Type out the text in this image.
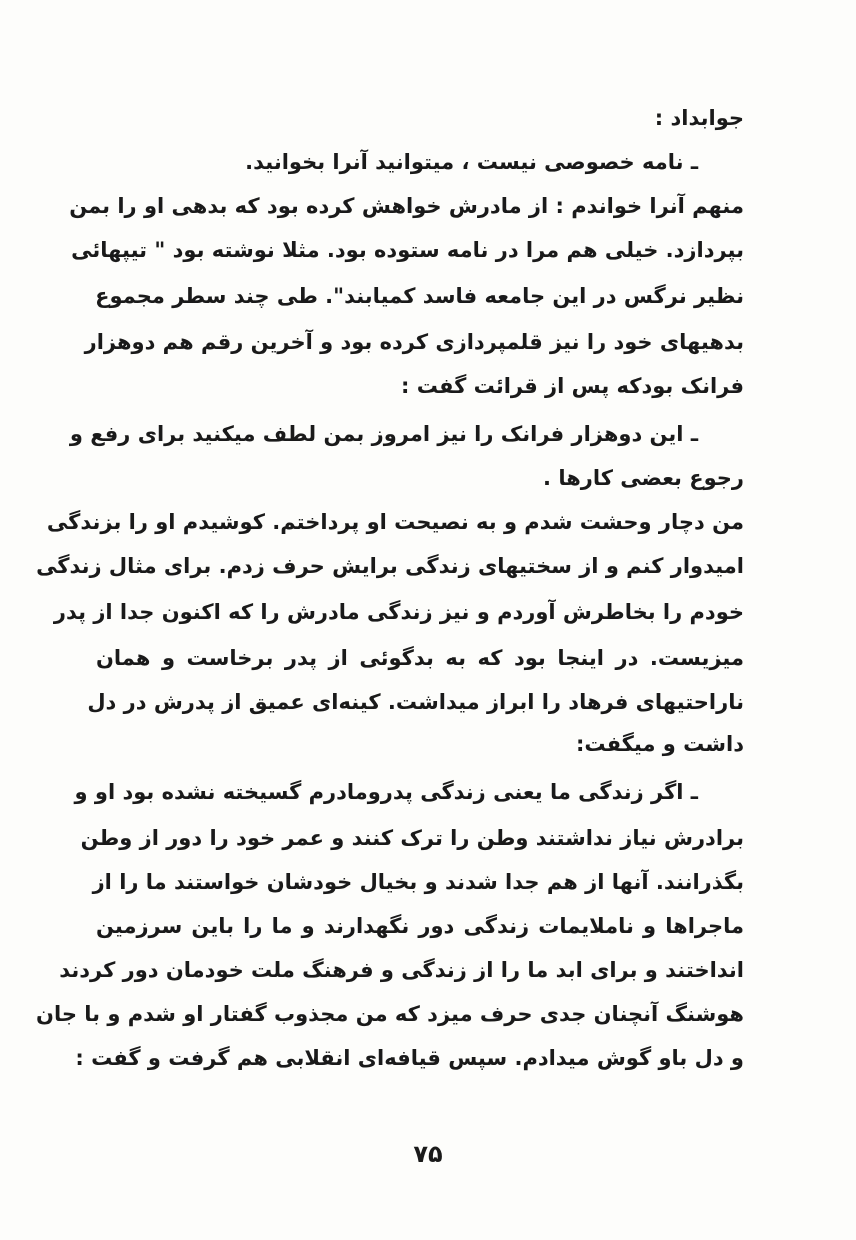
جوابداد :
ـ نامه خصوصی نیست ، میتوانید آنرا بخوانید.
منهم آنرا خواندم : از مادرش خواهش کرده بود که بدهی او را بمن
بپردازد. خیلی هم مرا در نامه ستوده بود. مثلا نوشته بود " تیپهائی
نظیر نرگس در این جامعه فاسد کمیابند". طی چند سطر مجموع
بدهیهای خود را نیز قلمپردازی کرده بود و آخرین رقم هم دوهزار
فرانک بودکه پس از قرائت گفت :
ـ این دوهزار فرانک را نیز امروز بمن لطف میکنید برای رفع و
رجوع بعضی کارها .
من دچار وحشت شدم و به نصیحت او پرداختم. کوشیدم او را بزندگی
امیدوار کنم و از سختیهای زندگی برایش حرف زدم. برای مثال زندگی
خودم را بخاطرش آوردم و نیز زندگی مادرش را که اکنون جدا از پدر
میزیست. در اینجا بود که به بدگوئی از پدر برخاست و همان
ناراحتیهای فرهاد را ابراز میداشت. کینه‌ای عمیق از پدرش در دل
داشت و میگفت:
ـ اگر زندگی ما یعنی زندگی پدرومادرم گسیخته نشده بود او و
برادرش نیاز نداشتند وطن را ترک کنند و عمر خود را دور از وطن
بگذرانند. آنها از هم جدا شدند و بخیال خودشان خواستند ما را از
ماجراها و ناملایمات زندگی دور نگهدارند و ما را باین سرزمین
انداختند و برای ابد ما را از زندگی و فرهنگ ملت خودمان دور کردند
هوشنگ آنچنان جدی حرف میزد که من مجذوب گفتار او شدم و با جان
و دل باو گوش میدادم. سپس قیافه‌ای انقلابی هم گرفت و گفت :
۷۵
